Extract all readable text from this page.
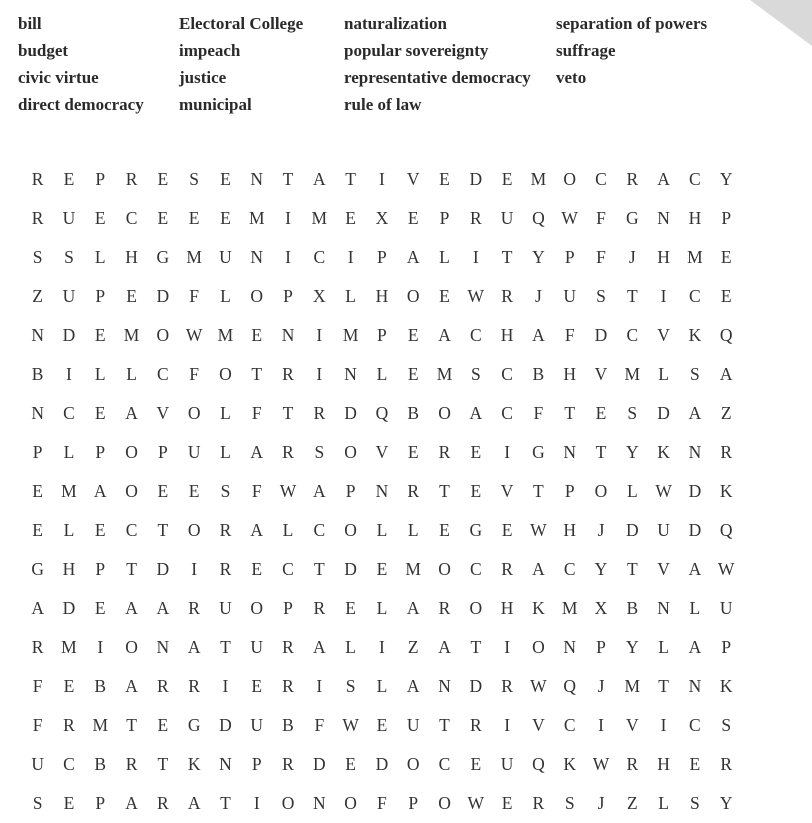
bill
budget
civic virtue
direct democracy
Electoral College
impeach
justice
municipal
naturalization
popular sovereignty
representative democracy
rule of law
separation of powers
suffrage
veto
R	E	P	R	E	S	E	N	T	A	T	I	V	E	D	E	M O	C	R	A	C	Y
R	U	E	C	E	E	E	M	I	M	E	X	E	P	R	U	Q W	F	G	N	H	P
S	S	L	H	G M U	N	I	C	I	P	A	L	I	T	Y	P	F	J	H M	E
Z	U	P	E	D	F	L	O	P	X	L	H	O	E	W R	J	U	S	T	I	C	E
N	D	E	M O W M	E	N	I	M	P	E	A	C	H	A	F	D	C	V	K	Q
B	I	L	L	C	F	O	T	R	I	N	L	E	M	S	C	B	H	V M	L	S	A
N	C	E	A	V	O	L	F	T	R	D	Q	B	O	A	C	F	T	E	S	D	A	Z
P	L	P	O	P	U	L	A	R	S	O	V	E	R	E	I	G	N	T	Y	K	N	R
E	M A	O	E	E	S	F	W A	P	N	R	T	E	V	T	P	O	L	W D	K
E	L	E	C	T	O	R	A	L	C	O	L	L	E	G	E	W H	J	D	U	D	Q
G	H	P	T	D	I	R	E	C	T	D	E	M O	C	R	A	C	Y	T	V	A W
A	D	E	A	A	R	U	O	P	R	E	L	A	R	O	H	K M X	B	N	L	U
R	M	I	O	N	A	T	U	R	A	L	I	Z	A	T	I	O	N	P	Y	L	A	P
F	E	B	A	R	R	I	E	R	I	S	L	A	N	D	R W Q	J	M	T	N	K
F	R	M	T	E	G	D	U	B	F	W	E	U	T	R	I	V	C	I	V	I	C	S
U	C	B	R	T	K	N	P	R	D	E	D	O	C	E	U	Q	K W R	H	E	R
S	E	P	A	R	A	T	I	O	N	O	F	P	O W	E	R	S	J	Z	L	S	Y
